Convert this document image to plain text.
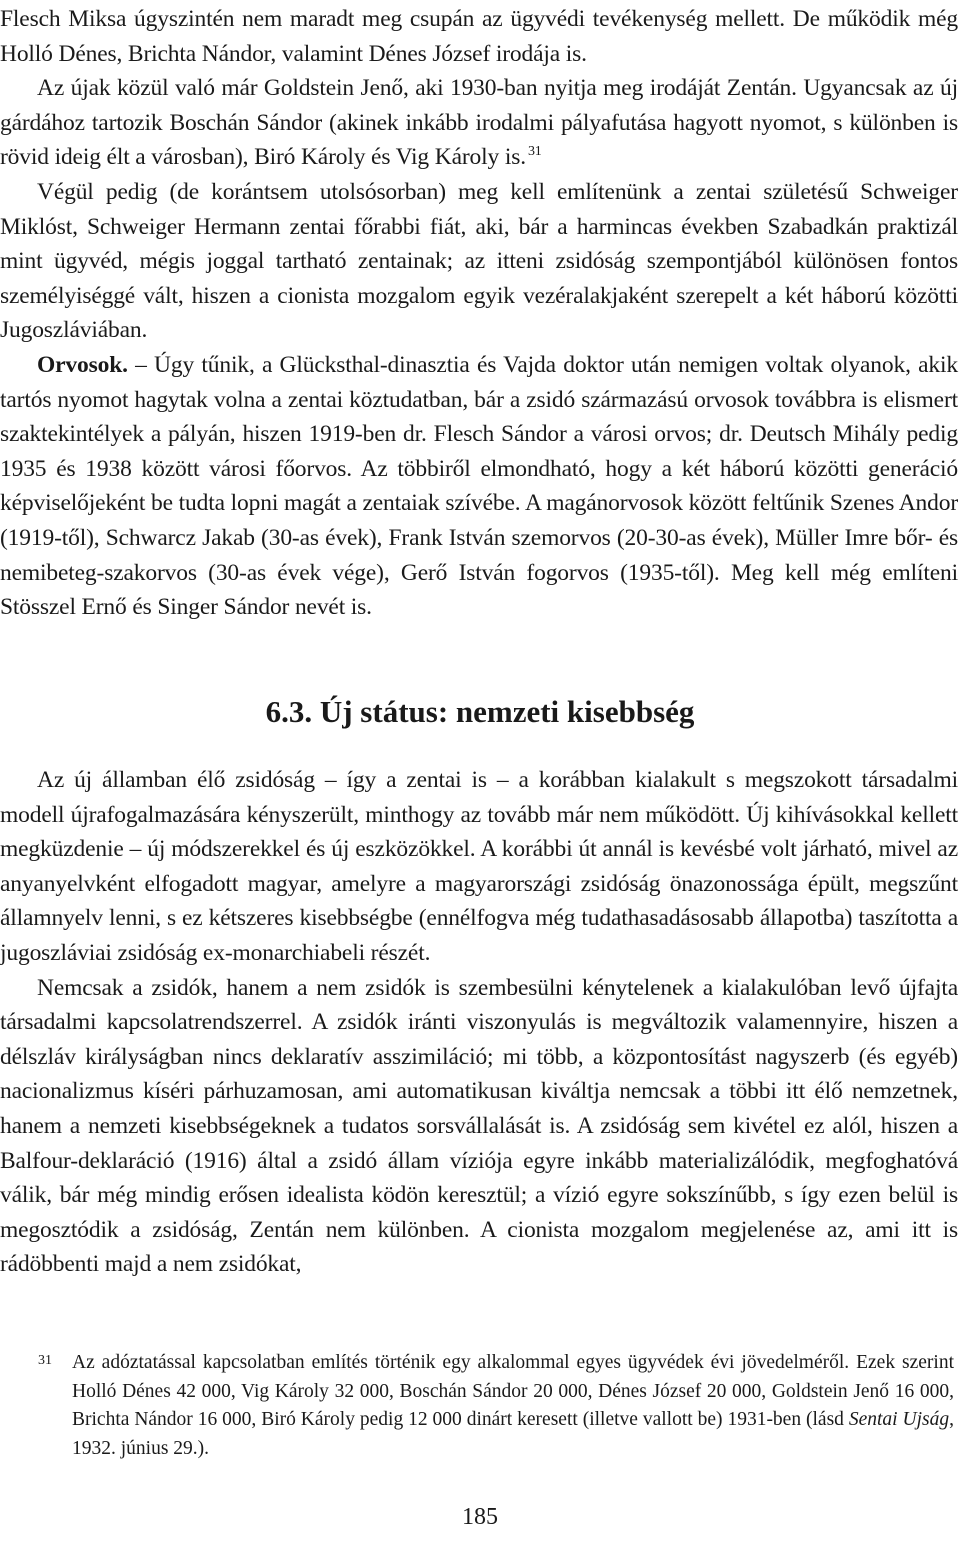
Flesch Miksa úgyszintén nem maradt meg csupán az ügyvédi tevékenység mellett. De működik még Holló Dénes, Brichta Nándor, valamint Dénes József irodája is.

Az újak közül való már Goldstein Jenő, aki 1930-ban nyitja meg irodáját Zentán. Ugyancsak az új gárdához tartozik Boschán Sándor (akinek inkább irodalmi pályafutása hagyott nyomot, s különben is rövid ideig élt a városban), Biró Károly és Vig Károly is. $^{31}$

Végül pedig (de korántsem utolsósorban) meg kell említenünk a zentai születésű Schweiger Miklóst, Schweiger Hermann zentai főrabbi fiát, aki, bár a harmincas években Szabadkán praktizál mint ügyvéd, mégis joggal tartható zentainak; az itteni zsidóság szempontjából különösen fontos személyiséggé vált, hiszen a cionista mozgalom egyik vezéralakjaként szerepelt a két háború közötti Jugoszláviában.

Orvosok. – Úgy tűnik, a Glücksthal-dinasztia és Vajda doktor után nemigen voltak olyanok, akik tartós nyomot hagytak volna a zentai köztudatban, bár a zsidó származású orvosok továbbra is elismert szaktekintélyek a pályán, hiszen 1919-ben dr. Flesch Sándor a városi orvos; dr. Deutsch Mihály pedig 1935 és 1938 között városi főorvos. Az többiről elmondható, hogy a két háború közötti generáció képviselőjeként be tudta lopni magát a zentaiak szívébe. A magánorvosok között feltűnik Szenes Andor (1919-től), Schwarcz Jakab (30-as évek), Frank István szemorvos (20-30-as évek), Müller Imre bőr- és nemibeteg-szakorvos (30-as évek vége), Gerő István fogorvos (1935-től). Meg kell még említeni Stösszel Ernő és Singer Sándor nevét is.

6.3. Új státus: nemzeti kisebbség

Az új államban élő zsidóság – így a zentai is – a korábban kialakult s megszokott társadalmi modell újrafogalmazására kényszerült, minthogy az tovább már nem működött. Új kihívásokkal kellett megküzdenie – új módszerekkel és új eszközökkel. A korábbi út annál is kevésbé volt járható, mivel az anyanyelvként elfogadott magyar, amelyre a magyarországi zsidóság önazonossága épült, megszűnt államnyelv lenni, s ez kétszeres kisebbségbe (ennélfogva még tudathasadásosabb állapotba) taszította a jugoszláviai zsidóság ex-monarchiabeli részét.

Nemcsak a zsidók, hanem a nem zsidók is szembesülni kénytelenek a kialakulóban levő újfajta társadalmi kapcsolatrendszerrel. A zsidók iránti viszonyulás is megváltozik valamennyire, hiszen a délszláv királyságban nincs deklaratív asszimiláció; mi több, a központosítást nagyszerb (és egyéb) nacionalizmus kíséri párhuzamosan, ami automatikusan kiváltja nemcsak a többi itt élő nemzetnek, hanem a nemzeti kisebbségeknek a tudatos sorsvállalását is. A zsidóság sem kivétel ez alól, hiszen a Balfour-deklaráció (1916) által a zsidó állam víziója egyre inkább materializálódik, megfoghatóvá válik, bár még mindig erősen idealista ködön keresztül; a vízió egyre sokszínűbb, s így ezen belül is megosztódik a zsidóság, Zentán nem különben. A cionista mozgalom megjelenése az, ami itt is rádöbbenti majd a nem zsidókat,

31 Az adóztatással kapcsolatban említés történik egy alkalommal egyes ügyvédek évi jövedelméről. Ezek szerint Holló Dénes 42 000, Vig Károly 32 000, Boschán Sándor 20 000, Dénes József 20 000, Goldstein Jenő 16 000, Brichta Nándor 16 000, Biró Károly pedig 12 000 dinárt keresett (illetve vallott be) 1931-ben (lásd Sentai Ujság, 1932. június 29.).

185
